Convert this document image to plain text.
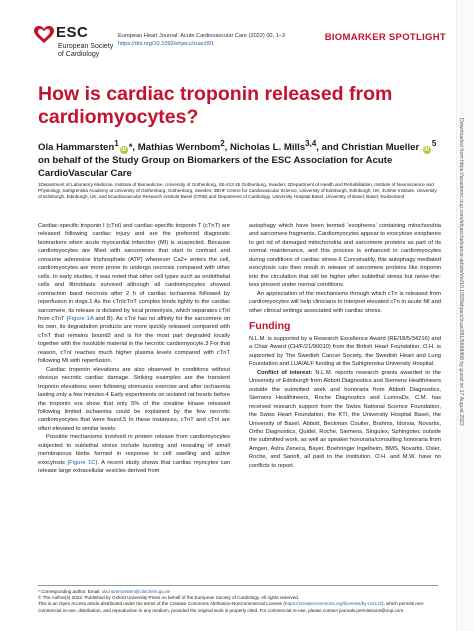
ESC
European Society
of Cardiology
European Heart Journal: Acute Cardiovascular Care (2022) 00, 1–3
https://doi.org/10.1093/ehjacc/zuac091
BIOMARKER SPOTLIGHT
How is cardiac troponin released from cardiomyocytes?
Ola Hammarsten$^1$
iD *, Mathias Wernbom$^2$, Nicholas L. Mills$^{3,4}$, and Christian Mueller	iD
$^5$
on behalf of the Study Group on Biomarkers of the ESC Association for Acute CardioVascular Care
1Department of Laboratory Medicine, Institute of Biomedicine, University of Gothenburg, SE-413 45 Gothenburg, Sweden; 2Department of Health and Rehabilitation, Institute of Neuroscience and Physiology, Sahlgrenska Academy at University of Gothenburg, Gothenburg, Sweden; 3BHF Centre for Cardiovascular Science, University of Edinburgh, Edinburgh, UK; 4Usher Institute, University of Edinburgh, Edinburgh, UK; and 5Cardiovascular Research Institute Basel (CRIB) and Department of Cardiology, University Hospital Basel, University of Basel, Basel, Switzerland

Cardiac-specific troponin I (cTnI) and cardiac-specific troponin T (cTnT) are released following cardiac injury and are the preferred diagnostic biomarkers when acute myocardial infarction (MI) is suspected. Because cardiomyocytes are filled with sarcomeres that start to contract and consume adenosine triphosphate (ATP) whenever Ca2+ enters the cell, cardiomyocytes are more prone to undergo necrosis compared with other cells. In early studies, it was noted that other cell types such as endothelial cells and fibroblasts survived although all cardiomyocytes showed contraction band necrosis after 2 h of cardiac ischaemia followed by reperfusion in dogs.1 As the cTnIcTnT complex binds tightly to the cardiac sarcomere, its release is dictated by local proteolysis, which separates cTnI from cTnT (Figure 1A and B). As cTnI has no affinity for the sarcomere on its own, its degradation products are more quickly released compared with cTnT that remains bound2 and is for the most part degraded locally together with the insoluble material in the necrotic cardiomyocyte.3 For that reason, cTnI reaches much higher plasma levels compared with cTnT following MI with reperfusion.

Cardiac troponin elevations are also observed in conditions without obvious necrotic cardiac damage. Striking examples are the transient troponin elevations seen following strenuous exercise and after ischaemia lasting only a few minutes.4 Early experiments on isolated rat hearts before the troponin era show that only 5% of the creatine kinase released following limited ischaemia could be explained by the few necrotic cardiomyocytes that were found.5 In these instances, cTnT and cTnI are often elevated to similar levels.

Possible mechanisms involved in protein release from cardiomyocytes subjected to sublethal stress include bursting and resealing of small membranous blebs formed in response to cell swelling and active exocytosis (Figure 1C). A recent study shows that cardiac myocytes can release large extracellular vesicles derived from

autophagy which have been termed ‘exopheres’ containing mitochondria and sarcomere fragments. Cardiomyocytes appear to exocytose exopheres to get rid of damaged mitochondria and sarcomere proteins as part of its normal maintenance, and this process is enhanced in cardiomyocytes during conditions of cardiac stress.6 Conceivably, this autophagy mediated exocytosis can then result in release of sarcomere proteins like troponin into the circulation that will be higher after sublethal stress but never-the-less present under normal conditions.

An appreciation of the mechanisms through which cTn is released from cardiomyocytes will help clinicians to interpret elevated cTn in acute MI and other clinical settings associated with cardiac stress.

Funding

N.L.M. is supported by a Research Excellence Award (RE/18/5/34216) and a Chair Award (CH/F/21/90010) from the British Heart Foundation. O.H. is supported by The Swedish Cancer Society, the Swedish Heart and Lung Foundation and LUA/ALF funding at the Sahlgrenska University Hospital.

Conflict of interest: N.L.M. reports research grants awarded to the University of Edinburgh from Abbott Diagnostics and Siemens Healthineers outside the submitted work and honoraria from Abbott Diagnostics, Siemens Healthineers, Roche Diagnostics and LumiraDx. C.M. has received research support from the Swiss National Science Foundation, the Swiss Heart Foundation, the KTI, the University Hospital Basel, the University of Basel, Abbott, Beckman Coulter, Brahms, Idorsia, Novartis, Ortho Diagnostics, Quidel, Roche, Siemens, Singulex, Sphingotec outside the submitted work, as well as speaker honoraria/consulting honoraria from Amgen, Astra Zeneca, Bayer, Boehringer Ingelheim, BMS, Novartis, Osler, Roche, and Sanofi, all paid to the institution. O.H. and M.W. have no conflicts to report.

* Corresponding author. Email: ola.hammarsten@clinchem.gu.se
© The Author(s) 2022. Published by Oxford University Press on behalf of the European Society of Cardiology. All rights reserved.
This is an Open Access article distributed under the terms of the Creative Commons Attribution-NonCommercial License (https://creativecommons.org/licenses/by-nc/4.0/), which permits non-commercial re-use, distribution, and reproduction in any medium, provided the original work is properly cited. For commercial re-use, please contact journals.permissions@oup.com
Downloaded from https://academic.oup.com/ehjacc/advance-article/doi/10.1093/ehjacc/zuac091/6668468 by guest on 17 August 2022
